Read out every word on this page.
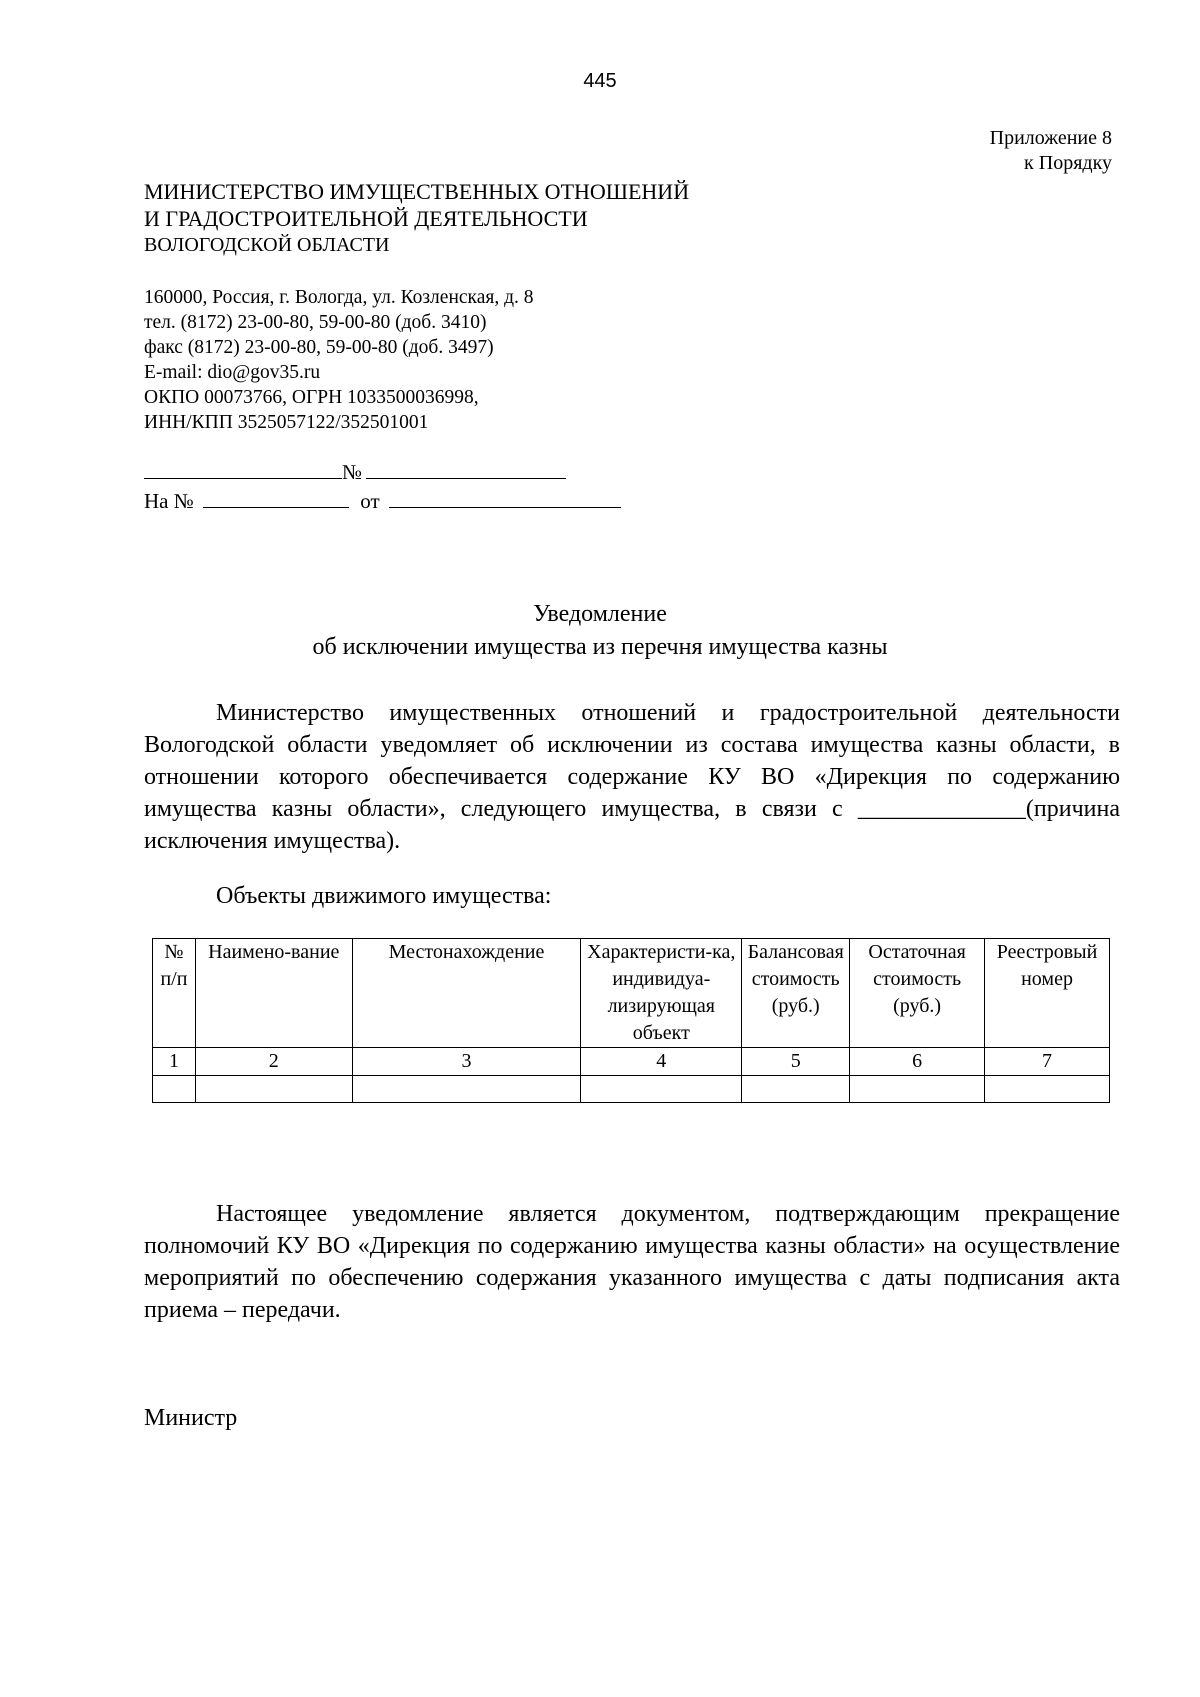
445
Приложение 8
к Порядку
МИНИСТЕРСТВО ИМУЩЕСТВЕННЫХ ОТНОШЕНИЙ
И ГРАДОСТРОИТЕЛЬНОЙ ДЕЯТЕЛЬНОСТИ
ВОЛОГОДСКОЙ ОБЛАСТИ
160000, Россия, г. Вологда, ул. Козленская, д. 8
тел. (8172) 23-00-80, 59-00-80 (доб. 3410)
факс (8172) 23-00-80, 59-00-80 (доб. 3497)
E-mail: dio@gov35.ru
ОКПО 00073766, ОГРН 1033500036998,
ИНН/КПП 3525057122/352501001
№
На №	от
Уведомление
об исключении имущества из перечня имущества казны
Министерство имущественных отношений и градостроительной деятельности Вологодской области уведомляет об исключении из состава имущества казны области, в отношении которого обеспечивается содержание КУ ВО «Дирекция по содержанию имущества казны области», следующего имущества, в связи с ______________(причина исключения имущества).
Объекты движимого имущества:
№ п/п	Наимено-вание	Местонахождение	Характеристи-ка, индивидуа-лизирующая объект	Балансовая стоимость (руб.)	Остаточная стоимость (руб.)	Реестровый номер
1	2	3	4	5	6	7

Настоящее уведомление является документом, подтверждающим прекращение полномочий КУ ВО «Дирекция по содержанию имущества казны области» на осуществление мероприятий по обеспечению содержания указанного имущества с даты подписания акта приема – передачи.
Министр
